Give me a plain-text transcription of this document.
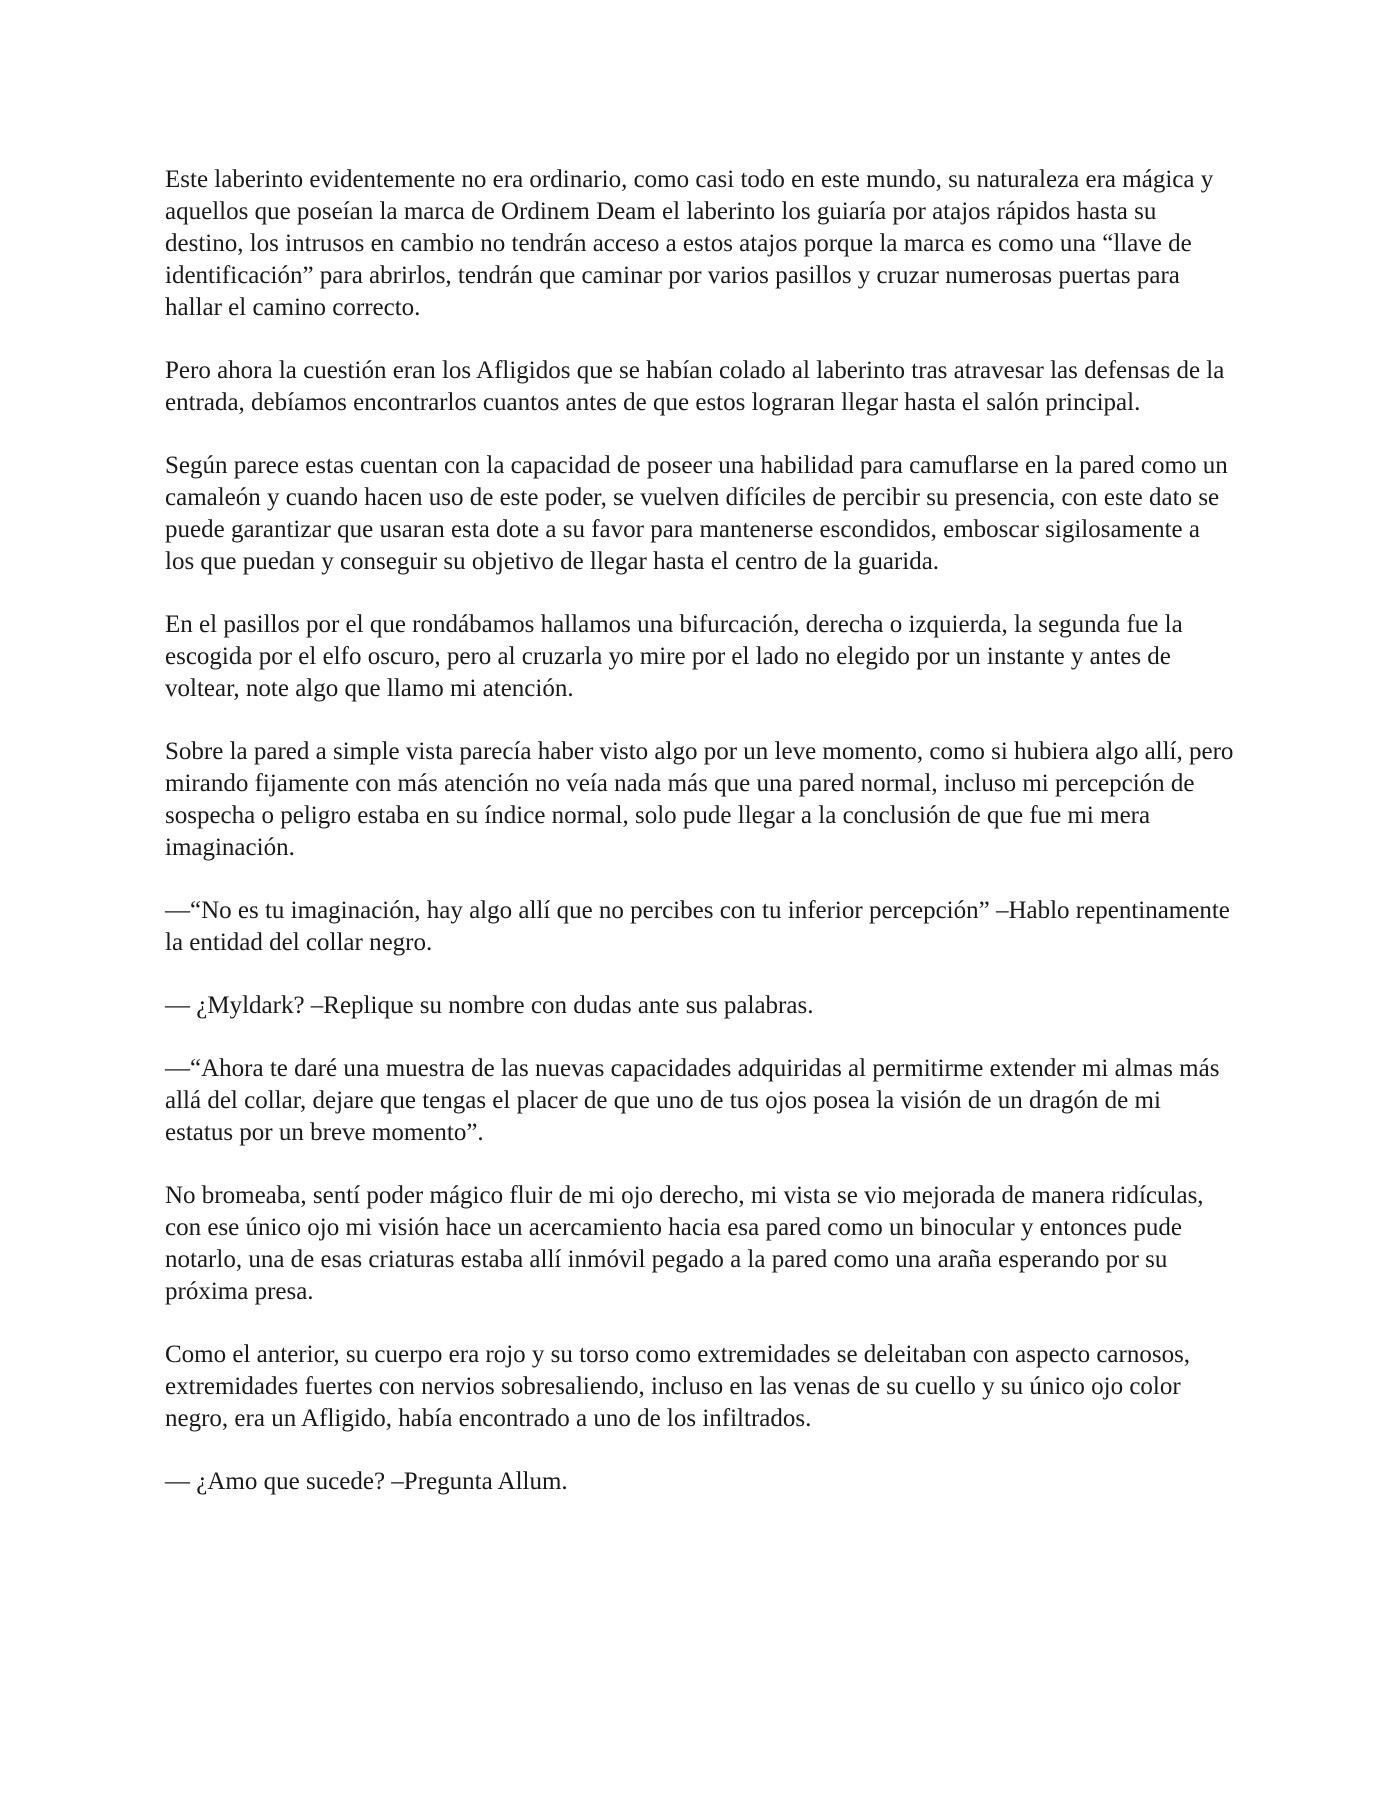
Este laberinto evidentemente no era ordinario, como casi todo en este mundo, su naturaleza era mágica y aquellos que poseían la marca de Ordinem Deam el laberinto los guiaría por atajos rápidos hasta su destino, los intrusos en cambio no tendrán acceso a estos atajos porque la marca es como una “llave de identificación” para abrirlos, tendrán que caminar por varios pasillos y cruzar numerosas puertas para hallar el camino correcto.

Pero ahora la cuestión eran los Afligidos que se habían colado al laberinto tras atravesar las defensas de la entrada, debíamos encontrarlos cuantos antes de que estos lograran llegar hasta el salón principal.

Según parece estas cuentan con la capacidad de poseer una habilidad para camuflarse en la pared como un camaleón y cuando hacen uso de este poder, se vuelven difíciles de percibir su presencia, con este dato se puede garantizar que usaran esta dote a su favor para mantenerse escondidos, emboscar sigilosamente a los que puedan y conseguir su objetivo de llegar hasta el centro de la guarida.

En el pasillos por el que rondábamos hallamos una bifurcación, derecha o izquierda, la segunda fue la escogida por el elfo oscuro, pero al cruzarla yo mire por el lado no elegido por un instante y antes de voltear, note algo que llamo mi atención.

Sobre la pared a simple vista parecía haber visto algo por un leve momento, como si hubiera algo allí, pero mirando fijamente con más atención no veía nada más que una pared normal, incluso mi percepción de sospecha o peligro estaba en su índice normal, solo pude llegar a la conclusión de que fue mi mera imaginación.

—“No es tu imaginación, hay algo allí que no percibes con tu inferior percepción” –Hablo repentinamente la entidad del collar negro.

— ¿Myldark? –Replique su nombre con dudas ante sus palabras.

—“Ahora te daré una muestra de las nuevas capacidades adquiridas al permitirme extender mi almas más allá del collar, dejare que tengas el placer de que uno de tus ojos posea la visión de un dragón de mi estatus por un breve momento”.

No bromeaba, sentí poder mágico fluir de mi ojo derecho, mi vista se vio mejorada de manera ridículas, con ese único ojo mi visión hace un acercamiento hacia esa pared como un binocular y entonces pude notarlo, una de esas criaturas estaba allí inmóvil pegado a la pared como una araña esperando por su próxima presa.

Como el anterior, su cuerpo era rojo y su torso como extremidades se deleitaban con aspecto carnosos, extremidades fuertes con nervios sobresaliendo, incluso en las venas de su cuello y su único ojo color negro, era un Afligido, había encontrado a uno de los infiltrados.

— ¿Amo que sucede? –Pregunta Allum.
